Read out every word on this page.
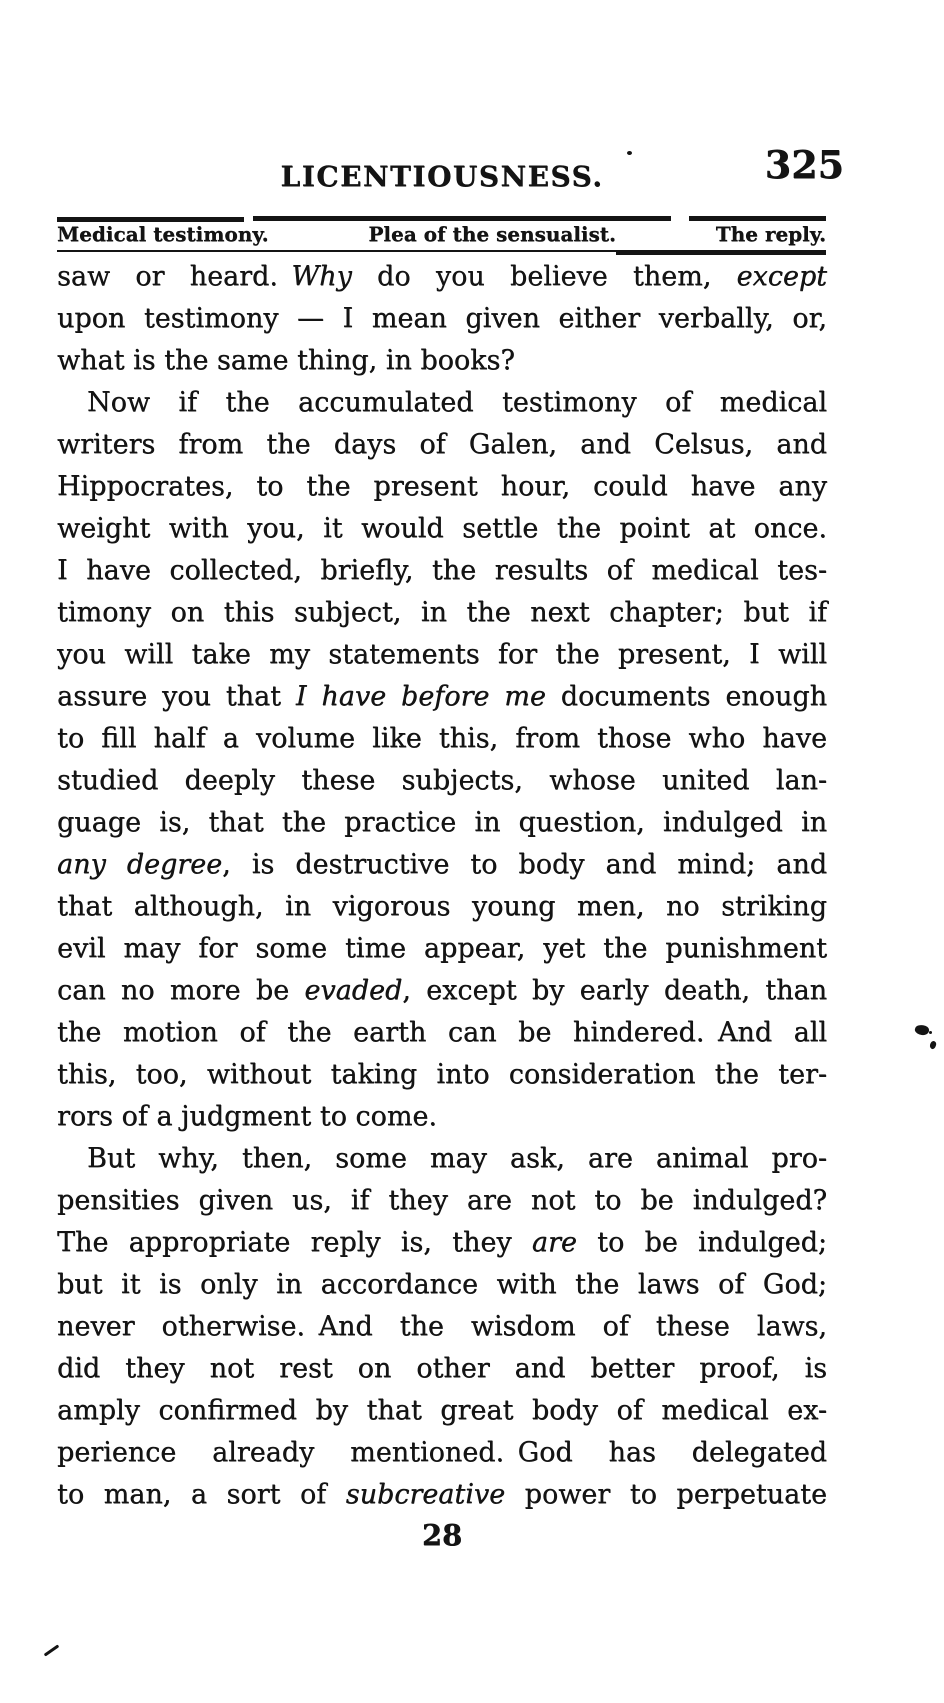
LICENTIOUSNESS.	325
Medical testimony.	Plea of the sensualist.	The reply.
saw or heard. Why do you believe them, except
upon testimony — I mean given either verbally, or,
what is the same thing, in books?
Now if the accumulated testimony of medical
writers from the days of Galen, and Celsus, and
Hippocrates, to the present hour, could have any
weight with you, it would settle the point at once.
I have collected, briefly, the results of medical tes-
timony on this subject, in the next chapter; but if
you will take my statements for the present, I will
assure you that I have before me documents enough
to fill half a volume like this, from those who have
studied deeply these subjects, whose united lan-
guage is, that the practice in question, indulged in
any degree, is destructive to body and mind; and
that although, in vigorous young men, no striking
evil may for some time appear, yet the punishment
can no more be evaded, except by early death, than
the motion of the earth can be hindered. And all
this, too, without taking into consideration the ter-
rors of a judgment to come.
But why, then, some may ask, are animal pro-
pensities given us, if they are not to be indulged?
The appropriate reply is, they are to be indulged;
but it is only in accordance with the laws of God;
never otherwise. And the wisdom of these laws,
did they not rest on other and better proof, is
amply confirmed by that great body of medical ex-
perience already mentioned. God has delegated
to man, a sort of subcreative power to perpetuate
28
